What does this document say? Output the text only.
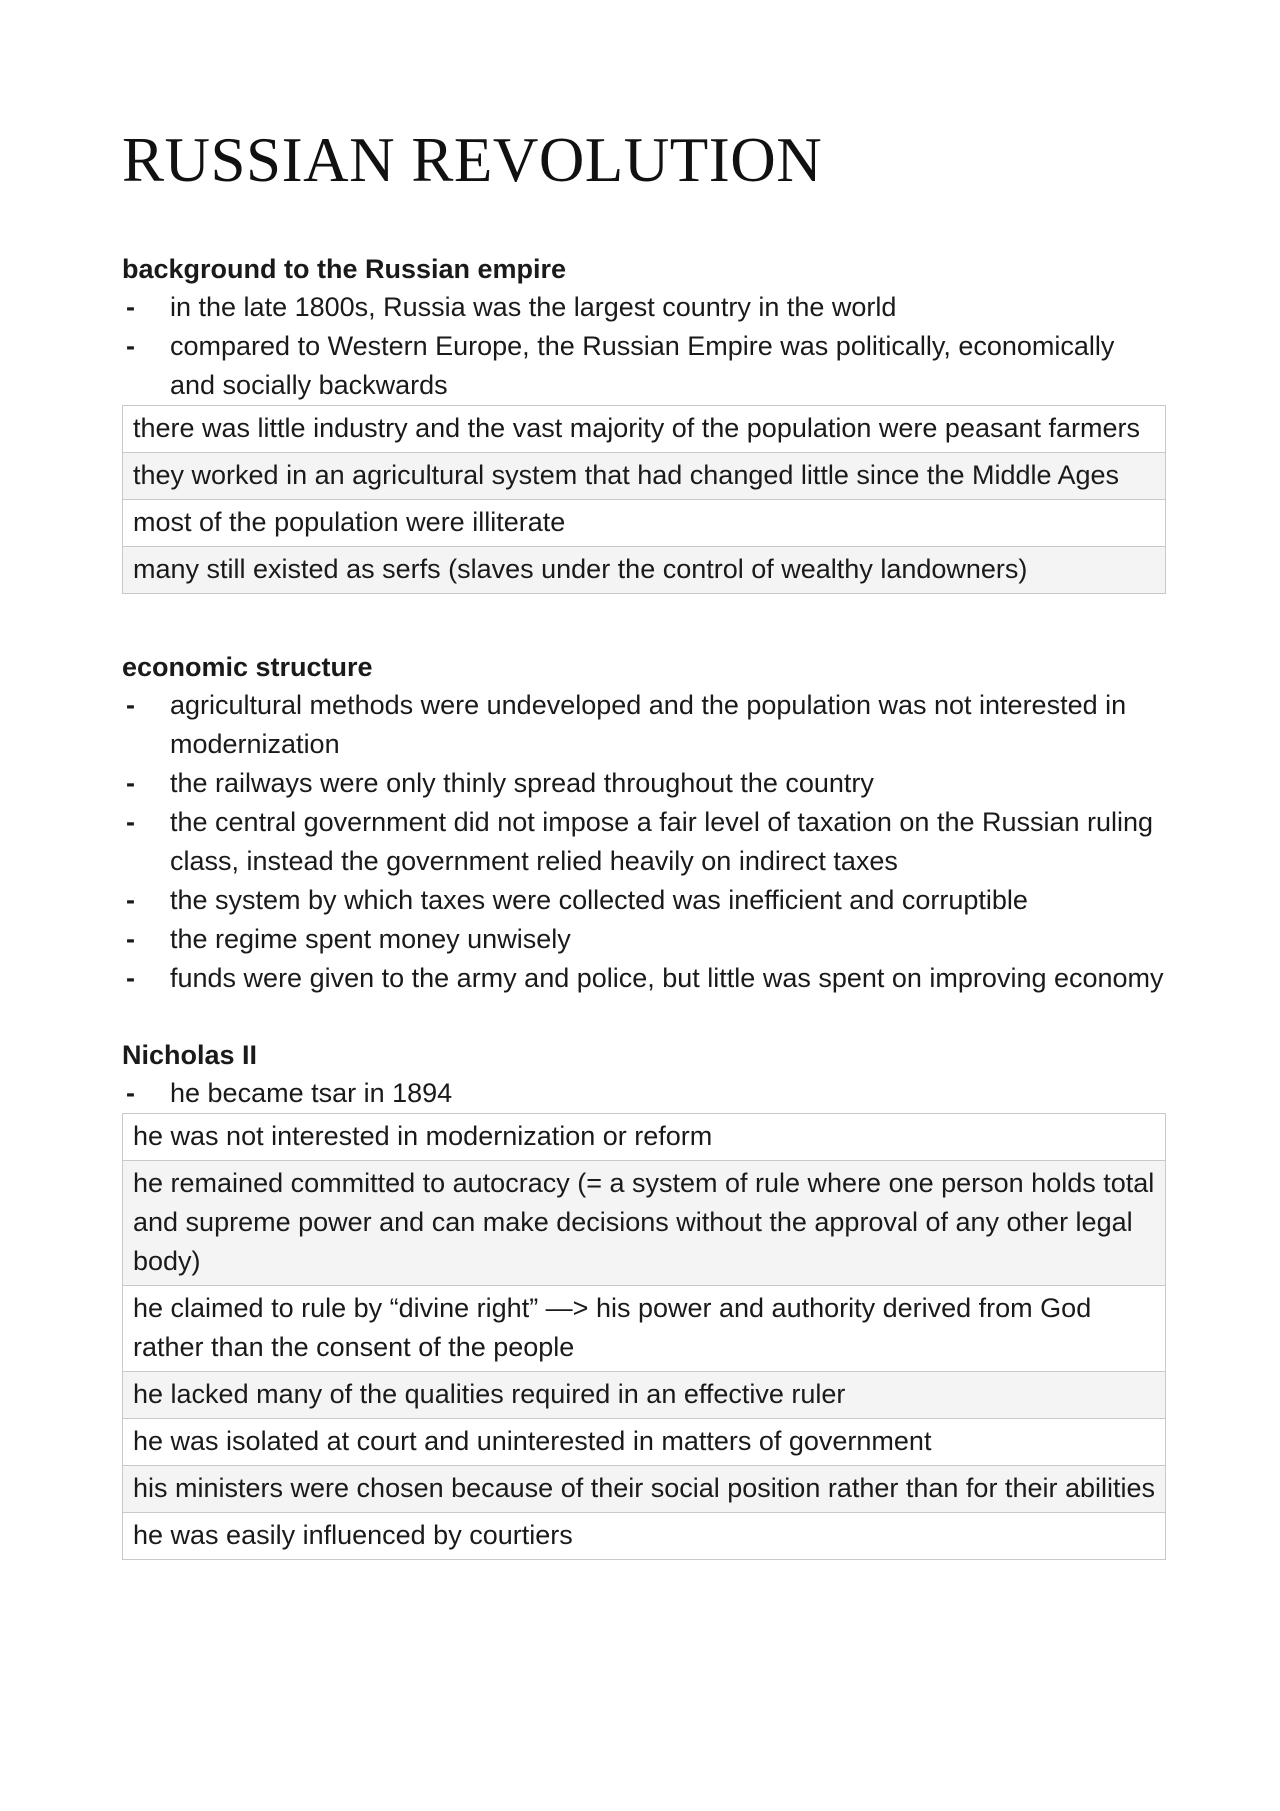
RUSSIAN REVOLUTION

background to the Russian empire

- in the late 1800s, Russia was the largest country in the world
- compared to Western Europe, the Russian Empire was politically, economically and socially backwards
there was little industry and the vast majority of the population were peasant farmers
they worked in an agricultural system that had changed little since the Middle Ages
most of the population were illiterate
many still existed as serfs (slaves under the control of wealthy landowners)

economic structure

- agricultural methods were undeveloped and the population was not interested in modernization
- the railways were only thinly spread throughout the country
- the central government did not impose a fair level of taxation on the Russian ruling class, instead the government relied heavily on indirect taxes
- the system by which taxes were collected was inefficient and corruptible
- the regime spent money unwisely
- funds were given to the army and police, but little was spent on improving economy

Nicholas II

- he became tsar in 1894
he was not interested in modernization or reform
he remained committed to autocracy (= a system of rule where one person holds total and supreme power and can make decisions without the approval of any other legal body)
he claimed to rule by “divine right” —> his power and authority derived from God rather than the consent of the people
he lacked many of the qualities required in an effective ruler
he was isolated at court and uninterested in matters of government
his ministers were chosen because of their social position rather than for their abilities
he was easily influenced by courtiers
